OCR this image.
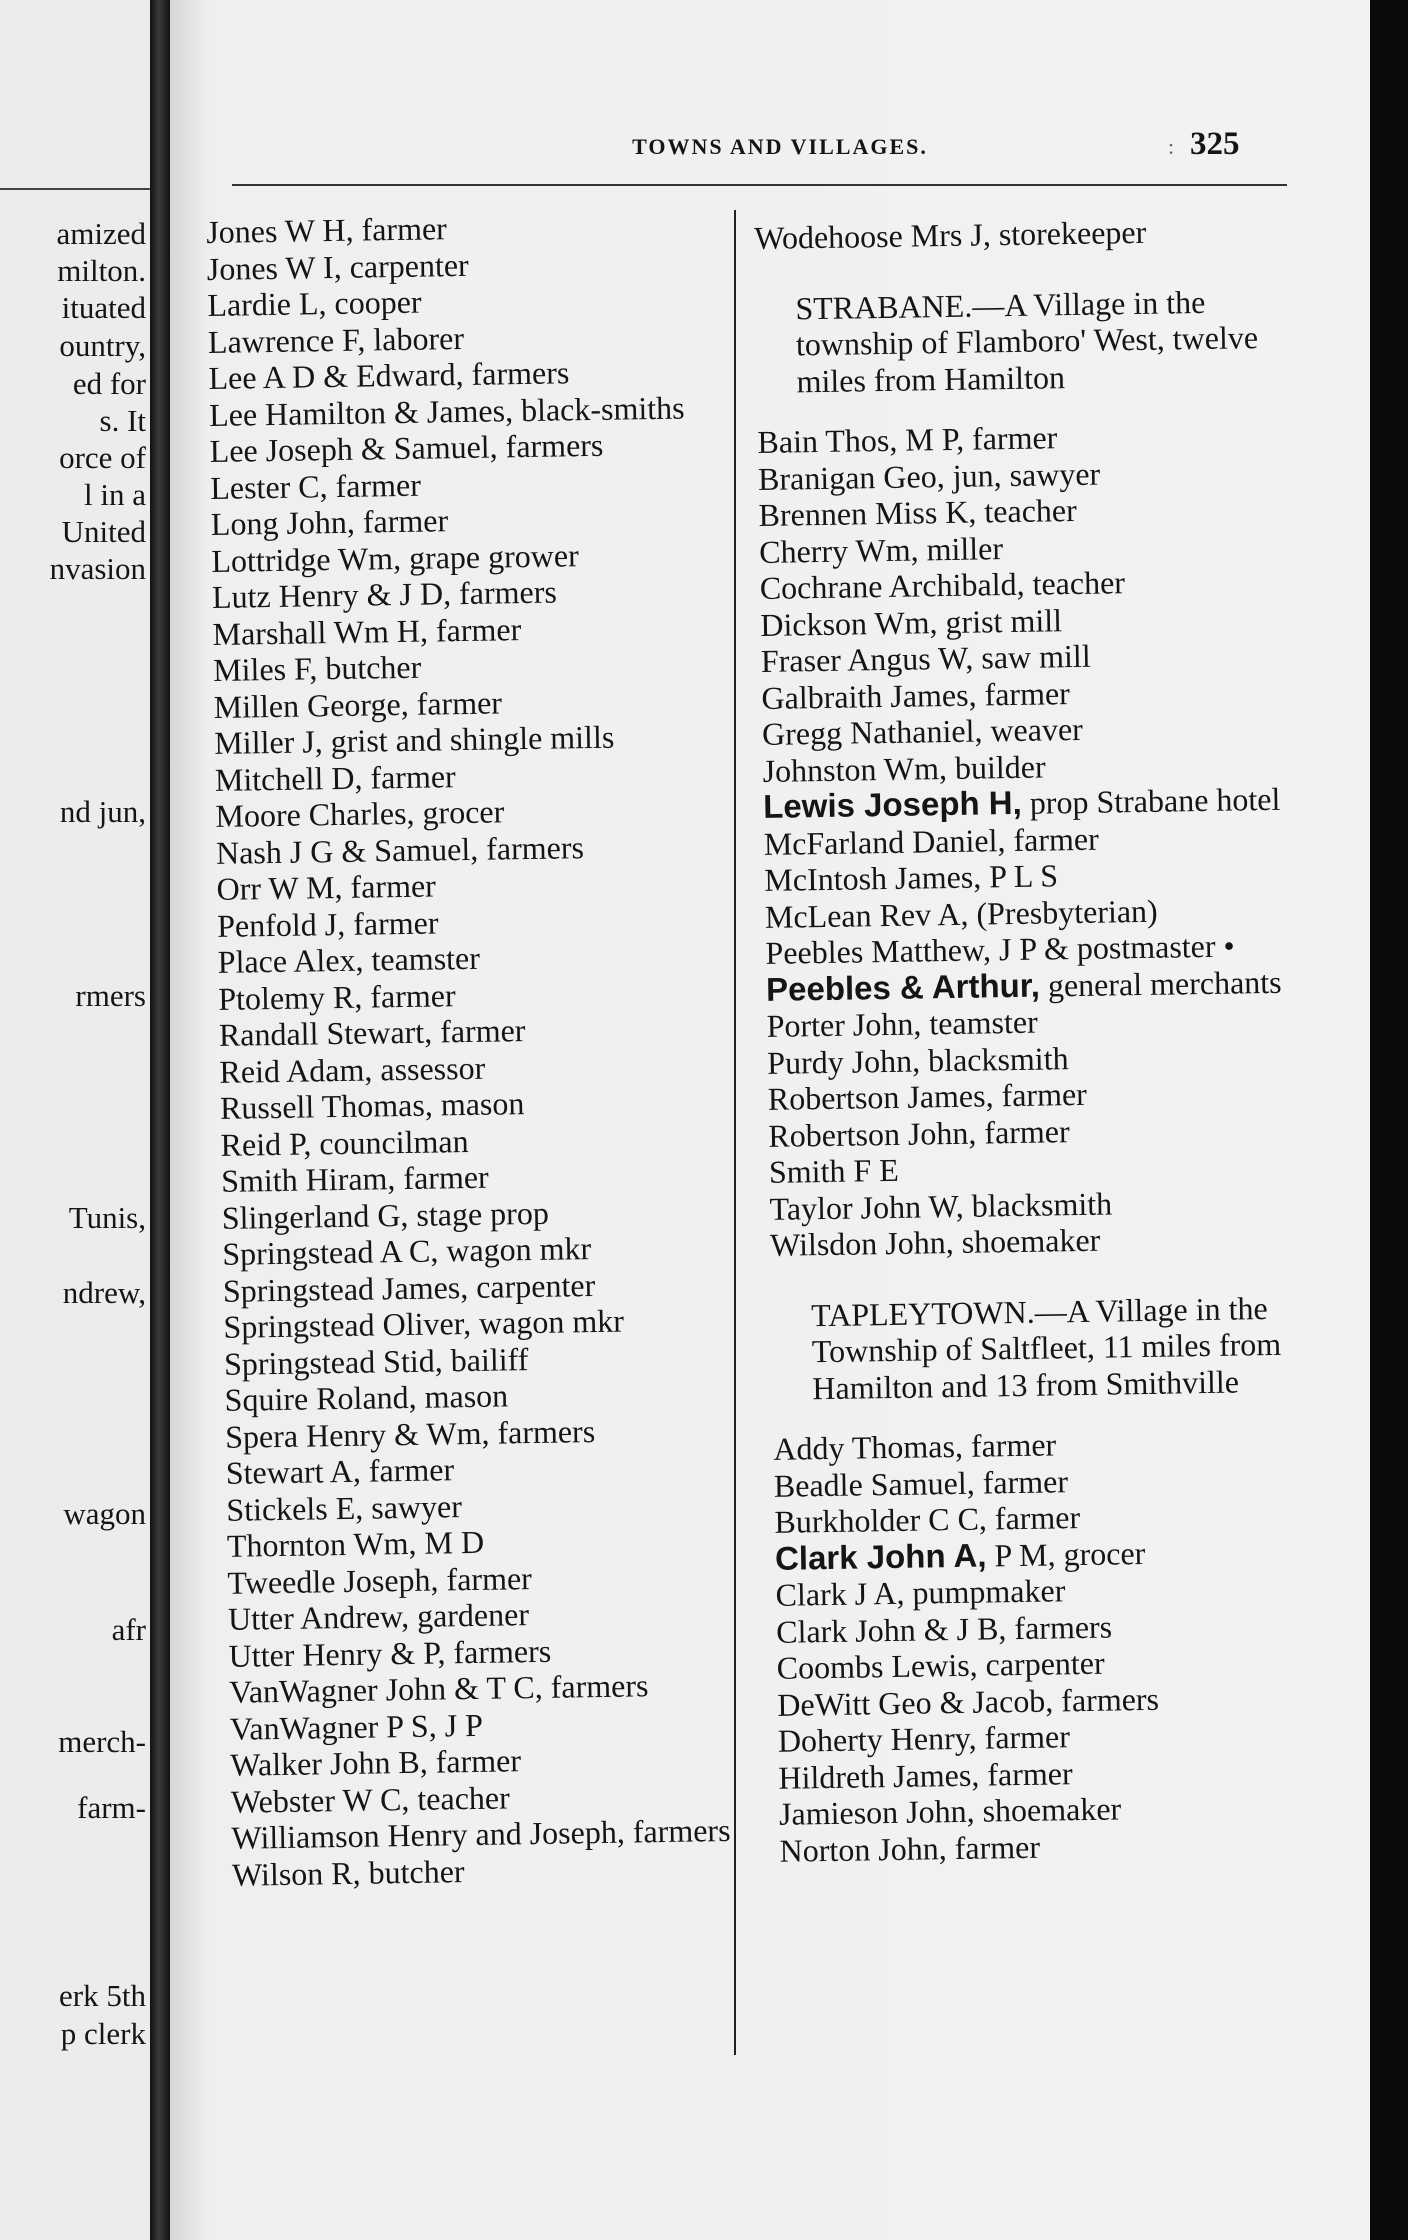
amized
milton.
ituated
ountry,
ed for
s. It
orce of
l in a
United
nvasion
nd jun,
rmers
Tunis,
ndrew,
wagon
afr
merch-
farm-
erk 5th
p clerk
TOWNS AND VILLAGES.	: 325
Jones W H, farmer
Jones W I, carpenter
Lardie L, cooper
Lawrence F, laborer
Lee A D & Edward, farmers
Lee Hamilton & James, black-smiths
Lee Joseph & Samuel, farmers
Lester C, farmer
Long John, farmer
Lottridge Wm, grape grower
Lutz Henry & J D, farmers
Marshall Wm H, farmer
Miles F, butcher
Millen George, farmer
Miller J, grist and shingle mills
Mitchell D, farmer
Moore Charles, grocer
Nash J G & Samuel, farmers
Orr W M, farmer
Penfold J, farmer
Place Alex, teamster
Ptolemy R, farmer
Randall Stewart, farmer
Reid Adam, assessor
Russell Thomas, mason
Reid P, councilman
Smith Hiram, farmer
Slingerland G, stage prop
Springstead A C, wagon mkr
Springstead James, carpenter
Springstead Oliver, wagon mkr
Springstead Stid, bailiff
Squire Roland, mason
Spera Henry & Wm, farmers
Stewart A, farmer
Stickels E, sawyer
Thornton Wm, M D
Tweedle Joseph, farmer
Utter Andrew, gardener
Utter Henry & P, farmers
VanWagner John & T C, farmers
VanWagner P S, J P
Walker John B, farmer
Webster W C, teacher
Williamson Henry and Joseph, farmers
Wilson R, butcher
Wodehoose Mrs J, storekeeper
STRABANE.—A Village in the township of Flamboro' West, twelve miles from Hamilton
Bain Thos, M P, farmer
Branigan Geo, jun, sawyer
Brennen Miss K, teacher
Cherry Wm, miller
Cochrane Archibald, teacher
Dickson Wm, grist mill
Fraser Angus W, saw mill
Galbraith James, farmer
Gregg Nathaniel, weaver
Johnston Wm, builder
Lewis Joseph H, prop Strabane hotel
McFarland Daniel, farmer
McIntosh James, P L S
McLean Rev A, (Presbyterian)
Peebles Matthew, J P & postmaster •
Peebles & Arthur, general merchants
Porter John, teamster
Purdy John, blacksmith
Robertson James, farmer
Robertson John, farmer
Smith F E
Taylor John W, blacksmith
Wilsdon John, shoemaker
TAPLEYTOWN.—A Village in the Township of Saltfleet, 11 miles from Hamilton and 13 from Smithville
Addy Thomas, farmer
Beadle Samuel, farmer
Burkholder C C, farmer
Clark John A, P M, grocer
Clark J A, pumpmaker
Clark John & J B, farmers
Coombs Lewis, carpenter
DeWitt Geo & Jacob, farmers
Doherty Henry, farmer
Hildreth James, farmer
Jamieson John, shoemaker
Norton John, farmer
